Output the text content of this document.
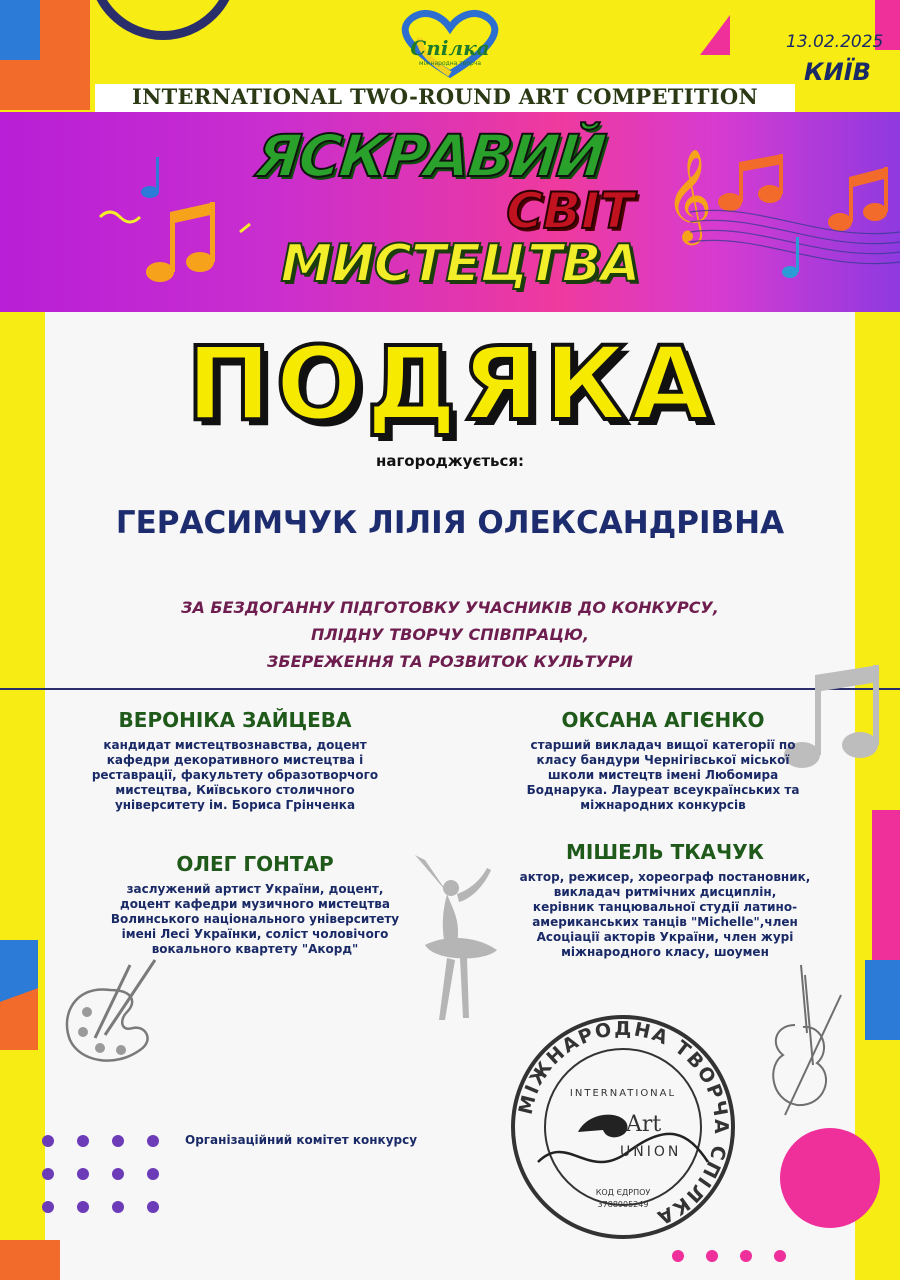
Спілка
міжнародна творча
13.02.2025
КИЇВ
INTERNATIONAL TWO-ROUND ART COMPETITION
𝄞
ЯСКРАВИЙ
СВІТ
МИСТЕЦТВА
ПОДЯКА
нагороджується:
ГЕРАСИМЧУК ЛІЛІЯ ОЛЕКСАНДРІВНА
ЗА БЕЗДОГАННУ ПІДГОТОВКУ УЧАСНИКІВ ДО КОНКУРСУ,
ПЛІДНУ ТВОРЧУ СПІВПРАЦЮ,
ЗБЕРЕЖЕННЯ ТА РОЗВИТОК КУЛЬТУРИ
ВЕРОНІКА ЗАЙЦЕВА
кандидат мистецтвознавства, доцент
кафедри декоративного мистецтва і
реставрації, факультету образотворчого
мистецтва, Київського столичного
університету ім. Бориса Грінченка
ОКСАНА АГІЄНКО
старший викладач вищої категорії по
класу бандури Чернігівської міської
школи мистецтв імені Любомира
Боднарука. Лауреат всеукраїнських та
міжнародних конкурсів
ОЛЕГ ГОНТАР
заслужений артист України, доцент,
доцент кафедри музичного мистецтва
Волинського національного університету
імені Лесі Українки, соліст чоловічого
вокального квартету "Акорд"
МІШЕЛЬ ТКАЧУК
актор, режисер, хореограф постановник,
викладач ритмічних дисциплін,
керівник танцювальної студії латино-
американських танців "Michelle",член
Асоціації акторів України, член журі
міжнародного класу, шоумен
Організаційний комітет конкурсу
МІЖНАРОДНА ТВОРЧА СПІЛКА
INTERNATIONAL
Art
UNION
КОД ЄДРПОУ
3788905249
